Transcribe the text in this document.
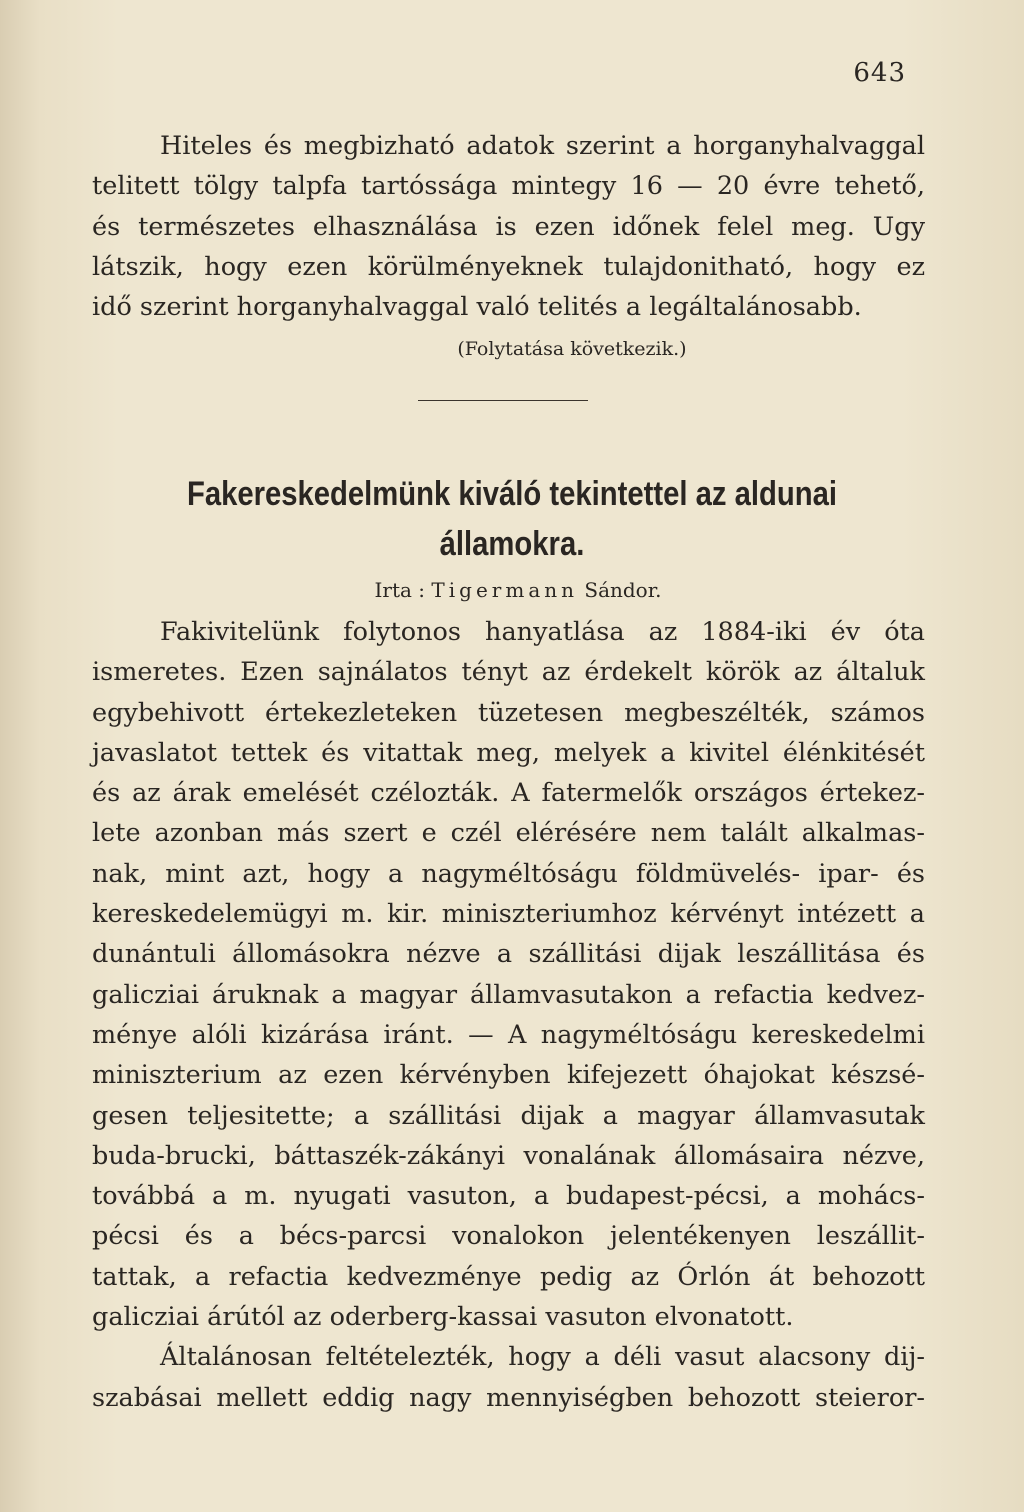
643
Hiteles és megbizható adatok szerint a horganyhalvaggal
telitett tölgy talpfa tartóssága mintegy 16 — 20 évre tehető,
és természetes elhasználása is ezen időnek felel meg. Ugy
látszik, hogy ezen körülményeknek tulajdonitható, hogy ez
idő szerint horganyhalvaggal való telités a legáltalánosabb.
(Folytatása következik.)
Fakereskedelmünk kiváló tekintettel az aldunai
államokra.
Irta : Tigermann Sándor.
Fakivitelünk folytonos hanyatlása az 1884-iki év óta
ismeretes. Ezen sajnálatos tényt az érdekelt körök az általuk
egybehivott értekezleteken tüzetesen megbeszélték, számos
javaslatot tettek és vitattak meg, melyek a kivitel élénkitését
és az árak emelését czélozták. A fatermelők országos értekez-
lete azonban más szert e czél elérésére nem talált alkalmas-
nak, mint azt, hogy a nagyméltóságu földmüvelés- ipar- és
kereskedelemügyi m. kir. miniszteriumhoz kérvényt intézett a
dunántuli állomásokra nézve a szállitási dijak leszállitása és
galicziai áruknak a magyar államvasutakon a refactia kedvez-
ménye alóli kizárása iránt. — A nagyméltóságu kereskedelmi
miniszterium az ezen kérvényben kifejezett óhajokat készsé-
gesen teljesitette; a szállitási dijak a magyar államvasutak
buda-brucki, báttaszék-zákányi vonalának állomásaira nézve,
továbbá a m. nyugati vasuton, a budapest-pécsi, a mohács-
pécsi és a bécs-parcsi vonalokon jelentékenyen leszállit-
tattak, a refactia kedvezménye pedig az Órlón át behozott
galicziai árútól az oderberg-kassai vasuton elvonatott.
Általánosan feltételezték, hogy a déli vasut alacsony dij-
szabásai mellett eddig nagy mennyiségben behozott steieror-
